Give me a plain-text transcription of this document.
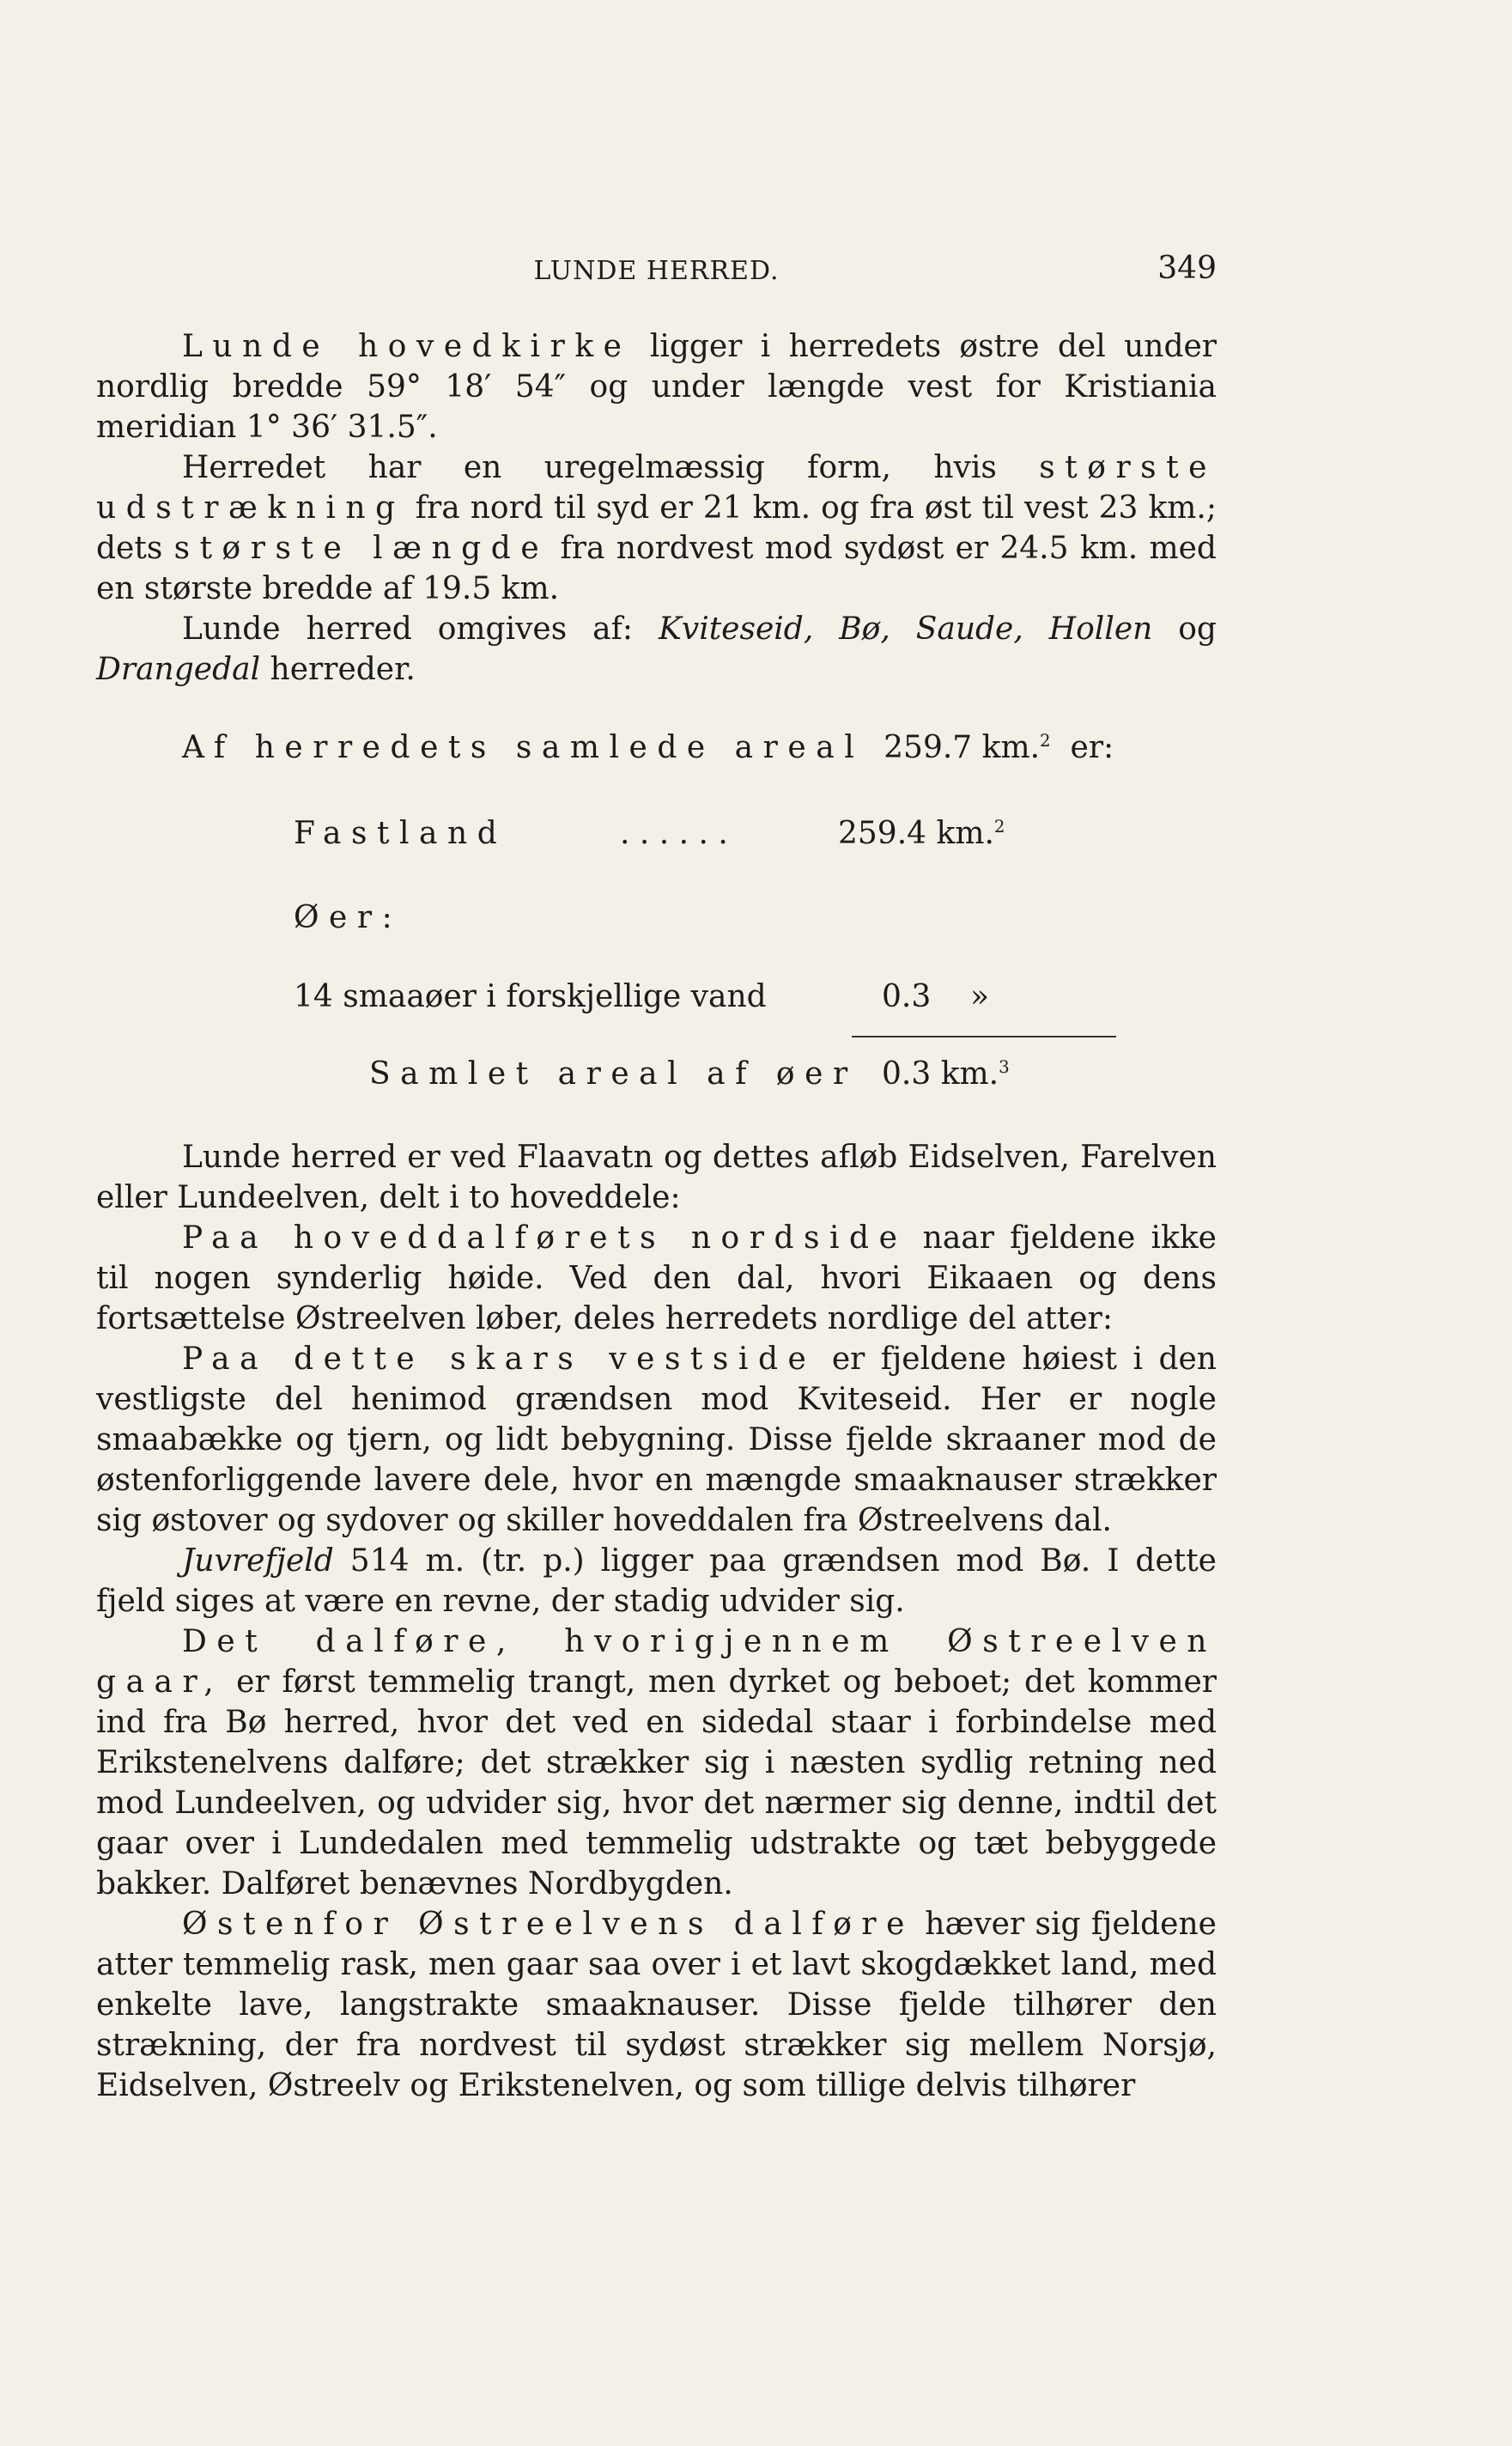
LUNDE HERRED.	349

Lunde hovedkirke ligger i herredets østre del under nordlig bredde 59° 18′ 54″ og under længde vest for Kristiania meridian 1° 36′ 31.5″.

Herredet har en uregelmæssig form, hvis største udstrækning fra nord til syd er 21 km. og fra øst til vest 23 km.; dets største længde fra nordvest mod sydøst er 24.5 km. med en største bredde af 19.5 km.

Lunde herred omgives af: Kviteseid, Bø, Saude, Hollen og Drangedal herreder.

Af herredets samlede areal 259.7 km.$^2$ er:
Fastland	. . . . . .	259.4 km.$^2$
Øer:
14 smaaøer i forskjellige vand	0.3 »
Samlet areal af øer 0.3 km.$^3$

Lunde herred er ved Flaavatn og dettes afløb Eidselven, Farelven eller Lundeelven, delt i to hoveddele:

Paa hoveddalførets nordside naar fjeldene ikke til nogen synderlig høide. Ved den dal, hvori Eikaaen og dens fortsættelse Østreelven løber, deles herredets nordlige del atter:

Paa dette skars vestside er fjeldene høiest i den vestligste del henimod grændsen mod Kviteseid. Her er nogle smaabække og tjern, og lidt bebygning. Disse fjelde skraaner mod de østenforliggende lavere dele, hvor en mængde smaaknauser strækker sig østover og sydover og skiller hoveddalen fra Østreelvens dal.

Juvrefjeld 514 m. (tr. p.) ligger paa grændsen mod Bø. I dette fjeld siges at være en revne, der stadig udvider sig.

Det dalføre, hvorigjennem Østreelven gaar, er først temmelig trangt, men dyrket og beboet; det kommer ind fra Bø herred, hvor det ved en sidedal staar i forbindelse med Erikstenelvens dalføre; det strækker sig i næsten sydlig retning ned mod Lundeelven, og udvider sig, hvor det nærmer sig denne, indtil det gaar over i Lundedalen med temmelig udstrakte og tæt bebyggede bakker. Dalføret benævnes Nordbygden.

Østenfor Østreelvens dalføre hæver sig fjeldene atter temmelig rask, men gaar saa over i et lavt skogdækket land, med enkelte lave, langstrakte smaaknauser. Disse fjelde tilhører den strækning, der fra nordvest til sydøst strækker sig mellem Norsjø, Eidselven, Østreelv og Erikstenelven, og som tillige delvis tilhører
